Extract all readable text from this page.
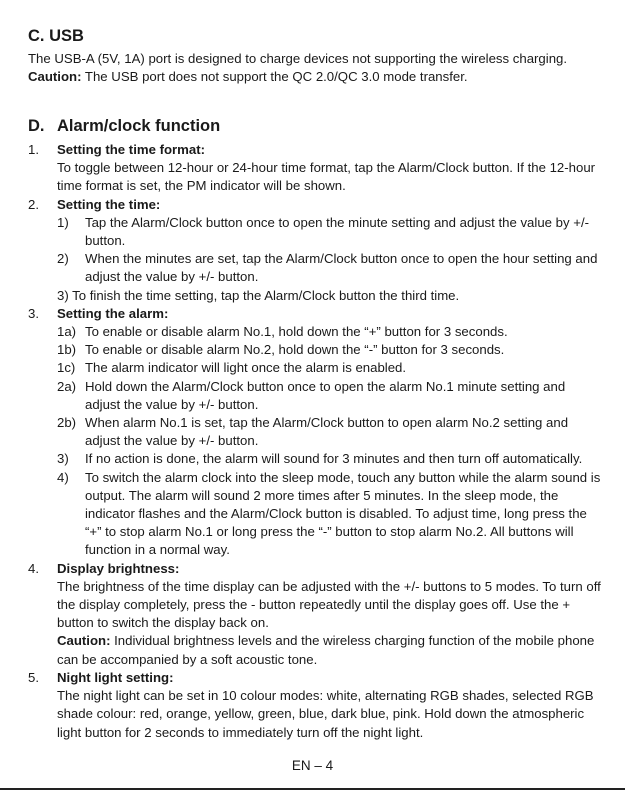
C. USB
The USB-A (5V, 1A) port is designed to charge devices not supporting the wireless charging.
Caution: The USB port does not support the QC 2.0/QC 3.0 mode transfer.
D. Alarm/clock function
1.	Setting the time format:
To toggle between 12-hour or 24-hour time format, tap the Alarm/Clock button. If the 12-hour time format is set, the PM indicator will be shown.
2.	Setting the time:
1) Tap the Alarm/Clock button once to open the minute setting and adjust the value by +/- button.
2) When the minutes are set, tap the Alarm/Clock button once to open the hour setting and adjust the value by +/- button.
3) To finish the time setting, tap the Alarm/Clock button the third time.
3.	Setting the alarm:
1a) To enable or disable alarm No.1, hold down the “+” button for 3 seconds.
1b) To enable or disable alarm No.2, hold down the “-” button for 3 seconds.
1c) The alarm indicator will light once the alarm is enabled.
2a) Hold down the Alarm/Clock button once to open the alarm No.1 minute setting and adjust the value by +/- button.
2b) When alarm No.1 is set, tap the Alarm/Clock button to open alarm No.2 setting and adjust the value by +/- button.
3) If no action is done, the alarm will sound for 3 minutes and then turn off automatically.
4) To switch the alarm clock into the sleep mode, touch any button while the alarm sound is output. The alarm will sound 2 more times after 5 minutes. In the sleep mode, the indicator flashes and the Alarm/Clock button is disabled. To adjust time, long press the “+” to stop alarm No.1 or long press the “-” button to stop alarm No.2. All buttons will function in a normal way.
4.	Display brightness:
The brightness of the time display can be adjusted with the +/- buttons to 5 modes. To turn off the display completely, press the - button repeatedly until the display goes off. Use the + button to switch the display back on.
Caution: Individual brightness levels and the wireless charging function of the mobile phone can be accompanied by a soft acoustic tone.
5.	Night light setting:
The night light can be set in 10 colour modes: white, alternating RGB shades, selected RGB shade colour: red, orange, yellow, green, blue, dark blue, pink. Hold down the atmospheric light button for 2 seconds to immediately turn off the night light.
EN – 4
